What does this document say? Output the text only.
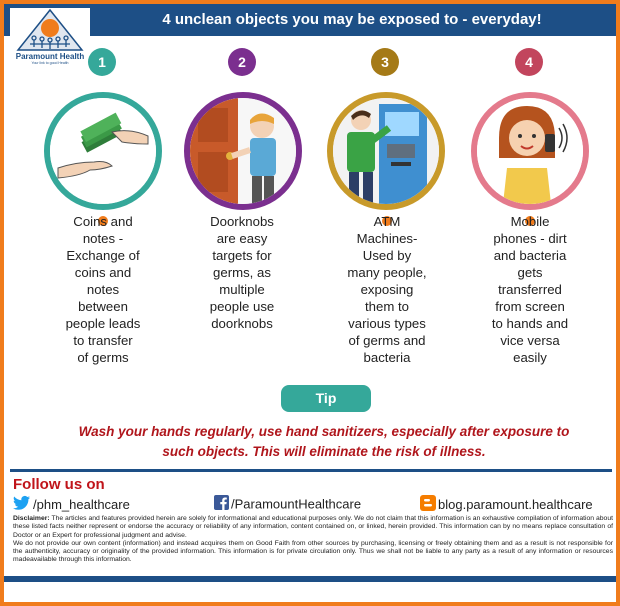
4 unclean objects you may be exposed to - everyday!
Paramount Health
Your link to good Health	1
Coins and
notes -
Exchange of
coins and
notes
between
people leads
to transfer
of germs
2
Doorknobs
are easy
targets for
germs, as
multiple
people use
doorknobs
3
ATM
Machines-
Used by
many people,
exposing
them to
various types
of germs and
bacteria
4
Mobile
phones - dirt
and bacteria
gets
transferred
from screen
to hands and
vice versa
easily
Tip
Wash your hands regularly, use hand sanitizers, especially after exposure to
such objects. This will eliminate the risk of illness.
Follow us on
/phm_healthcare	/ParamountHealthcare	blog.paramount.healthcare
Disclaimer: The articles and features provided herein are solely for informational and educational purposes only. We do not claim that this information is an exhaustive compilation of information about these listed facts neither represent or endorse the accuracy or reliability of any information, content contained on, or linked, herein provided. This information can by no means replace consultation of Doctor or an Expert for professional judgment and advise.
We do not provide our own content (information) and instead acquires them on Good Faith from other sources by purchasing, licensing or freely obtaining them and as a result is not responsible for the authenticity, accuracy or originality of the provided information. This information is for private circulation only. Thus we shall not be liable to any party as a result of any information or resources madeavailable through this information.
